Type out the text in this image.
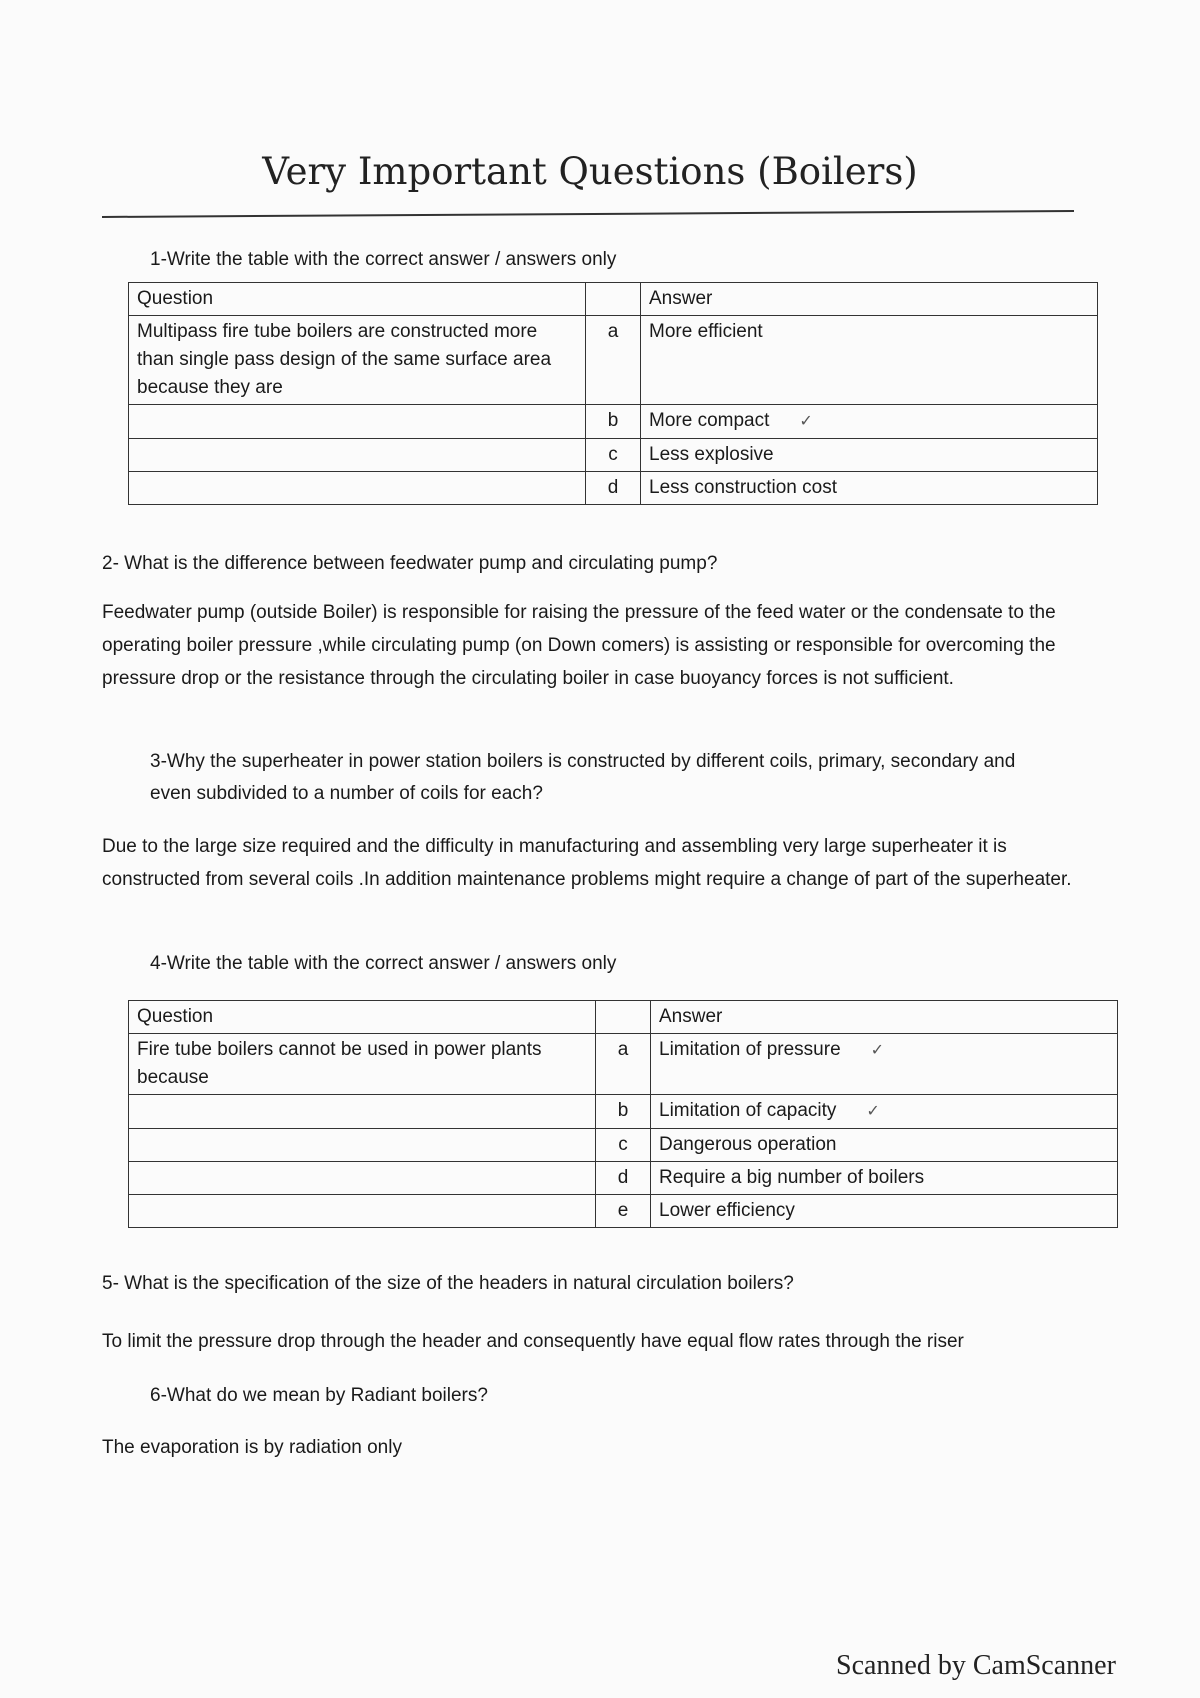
Very Important Questions (Boilers)
1-Write the table with the correct answer / answers only
Question		Answer
Multipass fire tube boilers are constructed more than single pass design of the same surface area because they are	a	More efficient
	b	More compact ✓
	c	Less explosive
	d	Less construction cost
2- What is the difference between feedwater pump and circulating pump?
Feedwater pump (outside Boiler) is responsible for raising the pressure of the feed water or the condensate to the operating boiler pressure ,while circulating pump (on Down comers) is assisting or responsible for overcoming the pressure drop or the resistance through the circulating boiler in case buoyancy forces is not sufficient.
3-Why the superheater in power station boilers is constructed by different coils, primary, secondary and even subdivided to a number of coils for each?
Due to the large size required and the difficulty in manufacturing and assembling very large superheater it is constructed from several coils .In addition maintenance problems might require a change of part of the superheater.
4-Write the table with the correct answer / answers only
Question		Answer
Fire tube boilers cannot be used in power plants because	a	Limitation of pressure ✓
	b	Limitation of capacity ✓
	c	Dangerous operation
	d	Require a big number of boilers
	e	Lower efficiency
5- What is the specification of the size of the headers in natural circulation boilers?
To limit the pressure drop through the header and consequently have equal flow rates through the riser
6-What do we mean by Radiant boilers?
The evaporation is by radiation only
Scanned by CamScanner
